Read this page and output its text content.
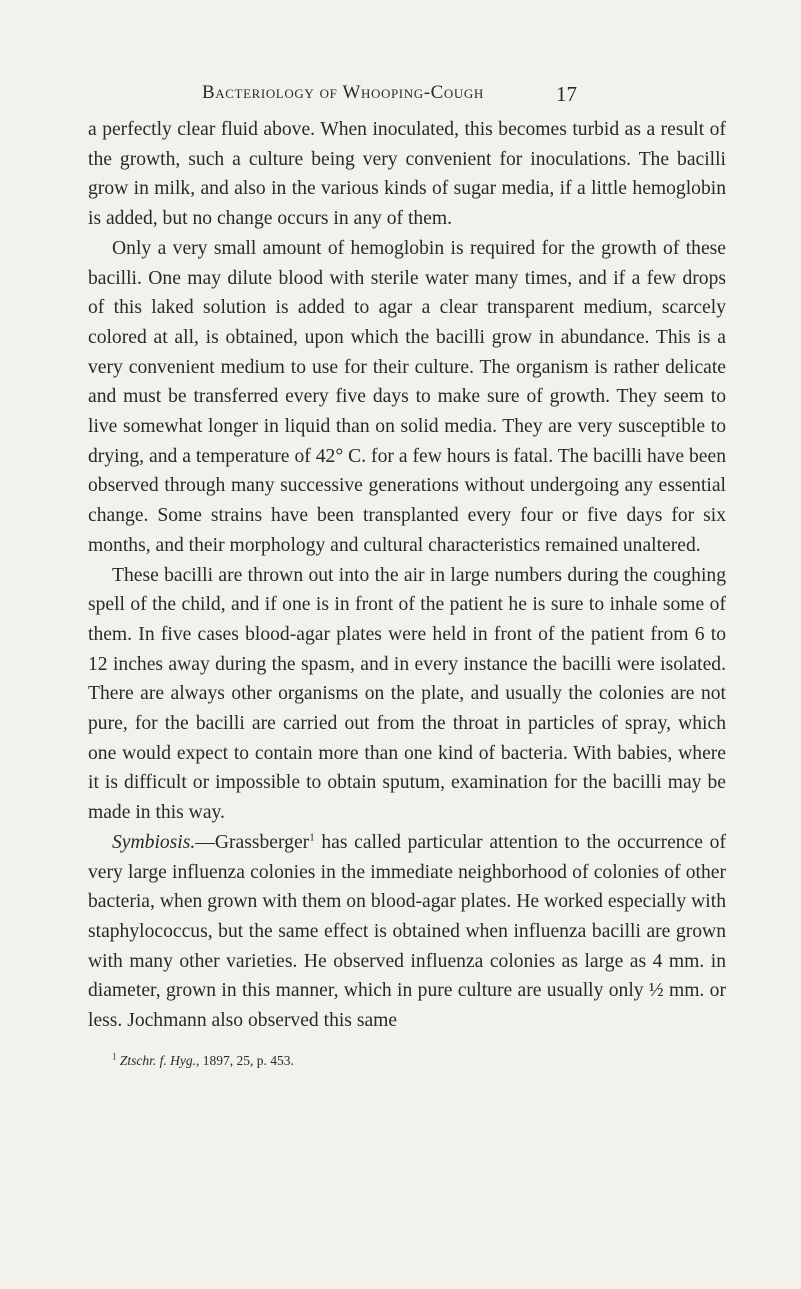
Bacteriology of Whooping-Cough	17

a perfectly clear fluid above. When inoculated, this becomes turbid as a result of the growth, such a culture being very convenient for inoculations. The bacilli grow in milk, and also in the various kinds of sugar media, if a little hemoglobin is added, but no change occurs in any of them.

Only a very small amount of hemoglobin is required for the growth of these bacilli. One may dilute blood with sterile water many times, and if a few drops of this laked solution is added to agar a clear transparent medium, scarcely colored at all, is obtained, upon which the bacilli grow in abundance. This is a very convenient medium to use for their culture. The organism is rather delicate and must be transferred every five days to make sure of growth. They seem to live somewhat longer in liquid than on solid media. They are very susceptible to drying, and a temperature of 42° C. for a few hours is fatal. The bacilli have been observed through many successive generations without undergoing any essential change. Some strains have been transplanted every four or five days for six months, and their morphology and cultural characteristics remained unaltered.

These bacilli are thrown out into the air in large numbers during the coughing spell of the child, and if one is in front of the patient he is sure to inhale some of them. In five cases blood-agar plates were held in front of the patient from 6 to 12 inches away during the spasm, and in every instance the bacilli were isolated. There are always other organisms on the plate, and usually the colonies are not pure, for the bacilli are carried out from the throat in particles of spray, which one would expect to contain more than one kind of bacteria. With babies, where it is difficult or impossible to obtain sputum, examination for the bacilli may be made in this way.

Symbiosis.—Grassberger$^1$ has called particular attention to the occurrence of very large influenza colonies in the immediate neighborhood of colonies of other bacteria, when grown with them on blood-agar plates. He worked especially with staphylococcus, but the same effect is obtained when influenza bacilli are grown with many other varieties. He observed influenza colonies as large as 4 mm. in diameter, grown in this manner, which in pure culture are usually only ½ mm. or less. Jochmann also observed this same

$^1$ Ztschr. f. Hyg., 1897, 25, p. 453.
